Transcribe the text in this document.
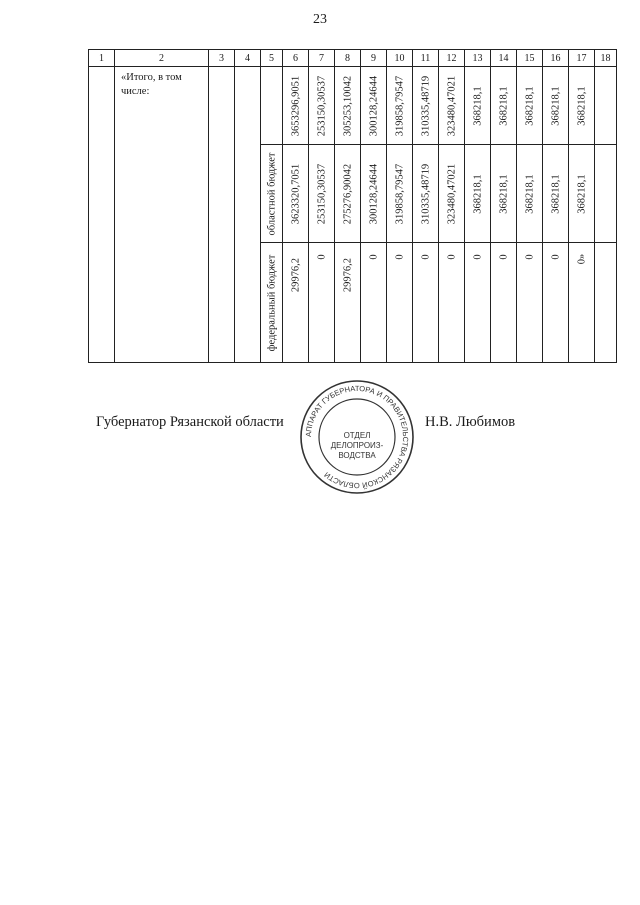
23
1	2	3	4	5	6	7	8	9	10	11	12	13	14	15	16	17	18
	«Итого, в том числе:				3653296,9051	253150,30537	305253,10042	300128,24644	319858,79547	310335,48719	323480,47021	368218,1	368218,1	368218,1	368218,1	368218,1	

				областной бюджет	3623320,7051	253150,30537	275276,90042	300128,24644	319858,79547	310335,48719	323480,47021	368218,1	368218,1	368218,1	368218,1	368218,1	

				федеральный бюджет	29976,2	0	29976,2	0	0	0	0	0	0	0	0	0»	

Губернатор Рязанской области	Н.В. Любимов
АППАРАТ ГУБЕРНАТОРА И ПРАВИТЕЛЬСТВА РЯЗАНСКОЙ ОБЛАСТИ
ОТДЕЛ ДЕЛОПРОИЗ-ВОДСТВА
